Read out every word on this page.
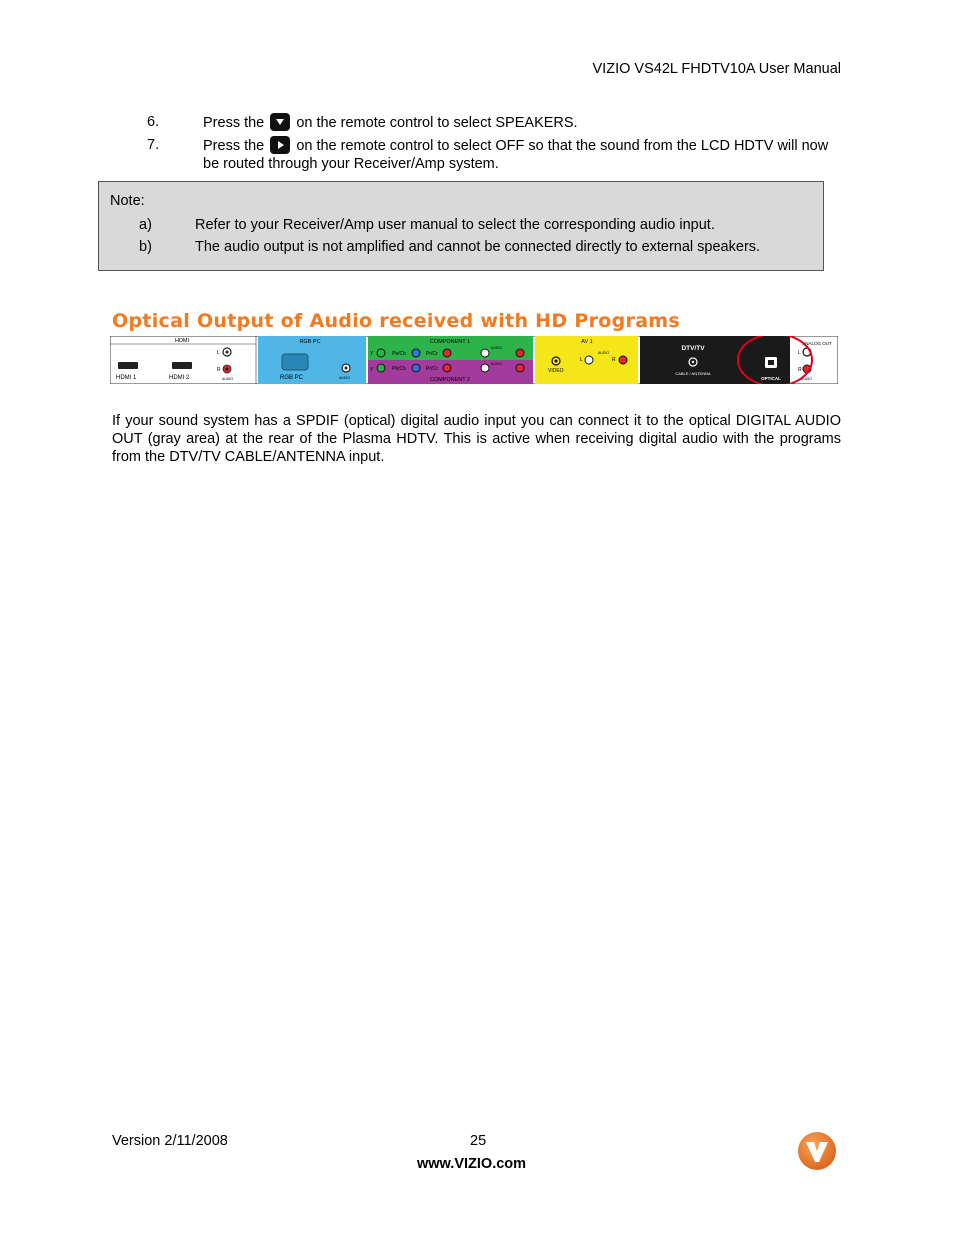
VIZIO VS42L FHDTV10A User Manual
6.	Press the on the remote control to select SPEAKERS.
7.	Press the on the remote control to select OFF so that the sound from the LCD HDTV will now be routed through your Receiver/Amp system.
Note:
a)	Refer to your Receiver/Amp user manual to select the corresponding audio input.
b)	The audio output is not amplified and cannot be connected directly to external speakers.
Optical Output of Audio received with HD Programs
HDMI
HDMI 1	HDMI 2
L
R
AUDIO
RGB PC
RGB PC	AUDIO
COMPONENT 1
COMPONENT 2
Y	Pb/Cb	Pr/Cr
AUDIO
Y	Pb/Cb	Pr/Cr
AUDIO
AV 1
VIDEO
L
AUDIO
R
DTV/TV
CABLE / ANTENNA
OPTICAL
ANALOG OUT
L
R
AUDIO
If your sound system has a SPDIF (optical) digital audio input you can connect it to the optical DIGITAL AUDIO OUT (gray area) at the rear of the Plasma HDTV. This is active when receiving digital audio with the programs from the DTV/TV CABLE/ANTENNA input.
Version 2/11/2008	25
www.VIZIO.com
